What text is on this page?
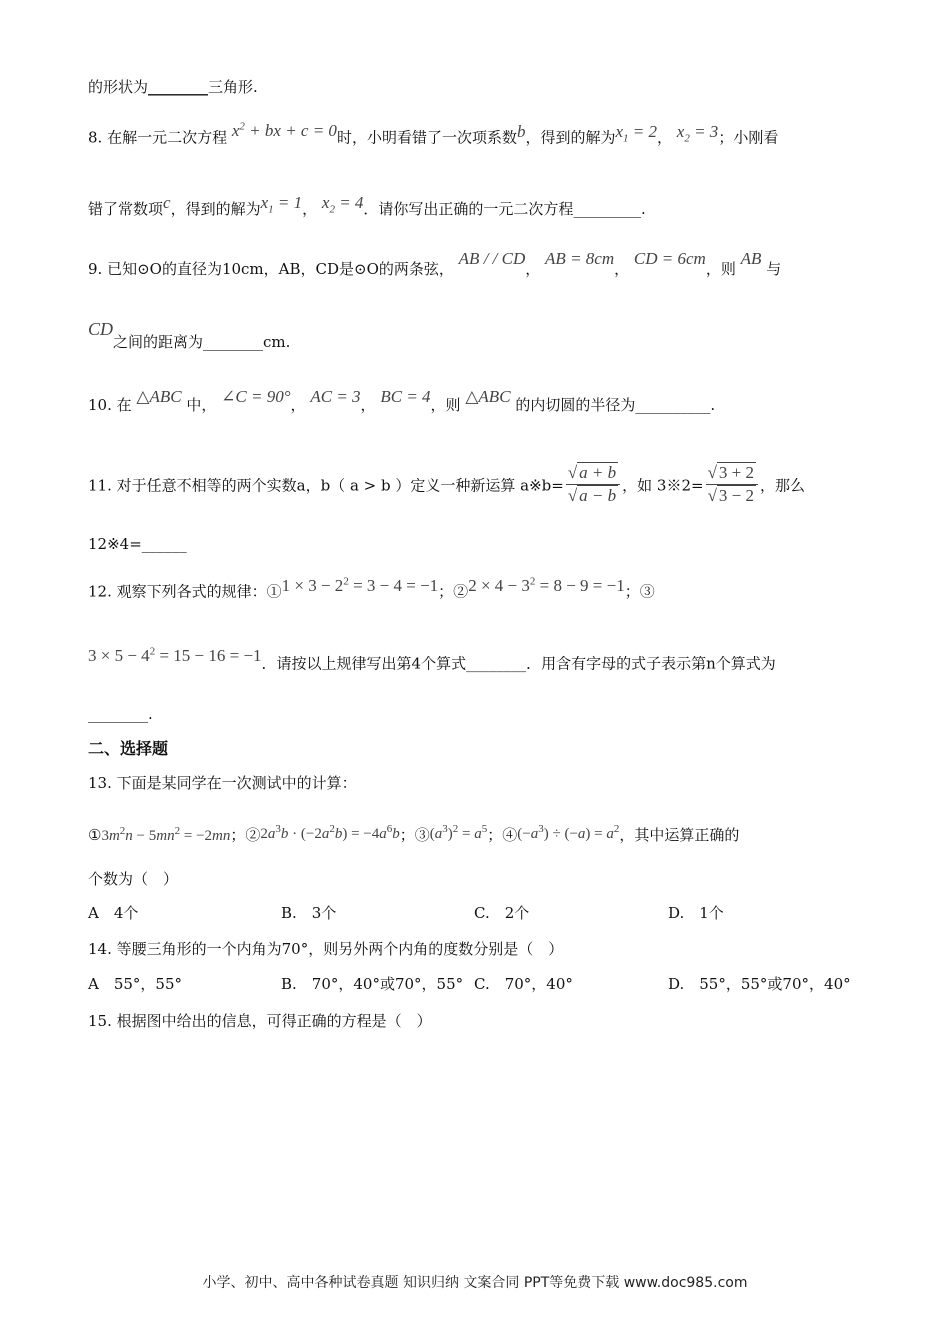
的形状为________三角形.
8. 在解一元二次方程 $x^2$ + bx + c = 0时，小明看错了一次项系数b，得到的解为$x_1 = 2$， $x_2 = 3$；小刚看
错了常数项c，得到的解为$x_1 = 1$， $x_2 = 4$．请你写出正确的一元二次方程_________.
9. 已知⊙O的直径为10cm，AB，CD是⊙O的两条弦， AB / / CD， AB = 8cm， CD = 6cm，则 AB 与
CD之间的距离为________cm.
10. 在 △ABC 中， ∠C = 90°， AC = 3， BC = 4，则 △ABC 的内切圆的半径为__________.
11. 对于任意不相等的两个实数a，b（ a > b ）定义一种新运算 a※b= $\frac{√ a + b}{√ a - b}$ ，如 3※2= $\frac{√ 3 + 2}{√ 3 - 2}$ ，那么
12※4=______
12. 观察下列各式的规律：①1 × $3 - 2^2 = 3 - 4 = -1$；②2 × $4 - 3^2 = 8 - 9 = -1$；③
$3 \times 5 - 4^2 = 15 - 16 = -1$．请按以上规律写出第4个算式________．用含有字母的式子表示第n个算式为
________.
二、选择题
13. 下面是某同学在一次测试中的计算：
$①3m^2n - 5mn^2 = -2mn$；$②2a^3b \cdot (-2a^2b) = -4a^6b$；$③(a^3)^2 = a^5$；$④(-a^3) \div (-a) = a^2$，其中运算正确的
个数为（　）
A　4个	B.　3个	C.　2个	D.　1个
14. 等腰三角形的一个内角为70°，则另外两个内角的度数分别是（　）
A　55°，55°	B.　70°，40°或70°，55° C.　70°，40°	D.　55°，55°或70°，40°
15. 根据图中给出的信息，可得正确的方程是（　）
小学、初中、高中各种试卷真题 知识归纳 文案合同 PPT等免费下载 www.doc985.com
